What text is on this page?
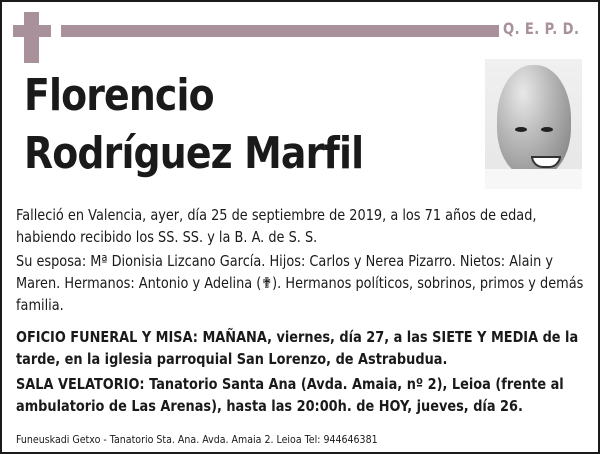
Q. E. P. D.
Florencio
Rodríguez Marfil
Falleció en Valencia, ayer, día 25 de septiembre de 2019, a los 71 años de edad, habiendo recibido los SS. SS. y la B. A. de S. S.
Su esposa: Mª Dionisia Lizcano García. Hijos: Carlos y Nerea Pizarro. Nietos: Alain y Maren. Hermanos: Antonio y Adelina (✟). Hermanos políticos, sobrinos, primos y demás familia.
OFICIO FUNERAL Y MISA: MAÑANA, viernes, día 27, a las SIETE Y MEDIA de la tarde, en la iglesia parroquial San Lorenzo, de Astrabudua.
SALA VELATORIO: Tanatorio Santa Ana (Avda. Amaia, nº 2), Leioa (frente al ambulatorio de Las Arenas), hasta las 20:00h. de HOY, jueves, día 26.
Funeuskadi Getxo - Tanatorio Sta. Ana. Avda. Amaia 2. Leioa Tel: 944646381
